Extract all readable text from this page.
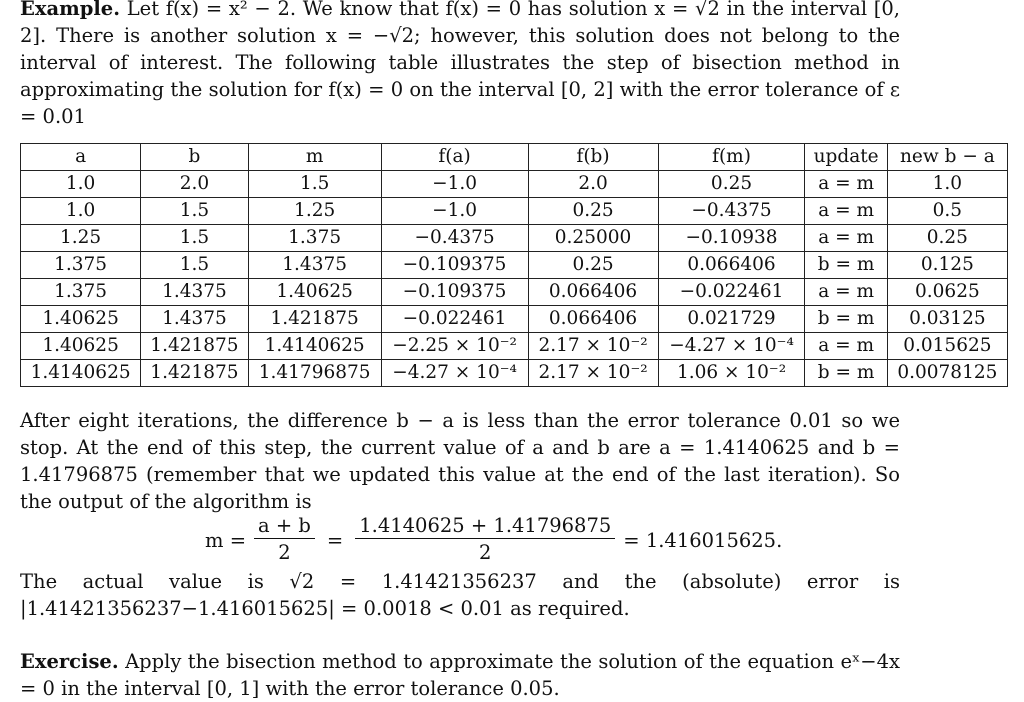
Example. Let f(x) = x² − 2. We know that f(x) = 0 has solution x = √2 in the interval [0, 2]. There is another solution x = −√2; however, this solution does not belong to the interval of interest. The following table illustrates the step of bisection method in approximating the solution for f(x) = 0 on the interval [0, 2] with the error tolerance of ε = 0.01

a	b	m	f(a)	f(b)	f(m)	update	new b − a
1.0	2.0	1.5	−1.0	2.0	0.25	a = m	1.0
1.0	1.5	1.25	−1.0	0.25	−0.4375	a = m	0.5
1.25	1.5	1.375	−0.4375	0.25000	−0.10938	a = m	0.25
1.375	1.5	1.4375	−0.109375	0.25	0.066406	b = m	0.125
1.375	1.4375	1.40625	−0.109375	0.066406	−0.022461	a = m	0.0625
1.40625	1.4375	1.421875	−0.022461	0.066406	0.021729	b = m	0.03125
1.40625	1.421875	1.4140625	−2.25 × 10⁻²	2.17 × 10⁻²	−4.27 × 10⁻⁴	a = m	0.015625
1.4140625	1.421875	1.41796875	−4.27 × 10⁻⁴	2.17 × 10⁻²	1.06 × 10⁻²	b = m	0.0078125

After eight iterations, the difference b − a is less than the error tolerance 0.01 so we stop. At the end of this step, the current value of a and b are a = 1.4140625 and b = 1.41796875 (remember that we updated this value at the end of the last iteration). So the output of the algorithm is

$m = \frac{a + b}{2} = \frac{1.4140625 + 1.41796875}{2} = 1.416015625$.

The actual value is √2 = 1.41421356237 and the (absolute) error is |1.41421356237−1.416015625| = 0.0018 < 0.01 as required.

Exercise. Apply the bisection method to approximate the solution of the equation eˣ−4x = 0 in the interval [0, 1] with the error tolerance 0.05.
